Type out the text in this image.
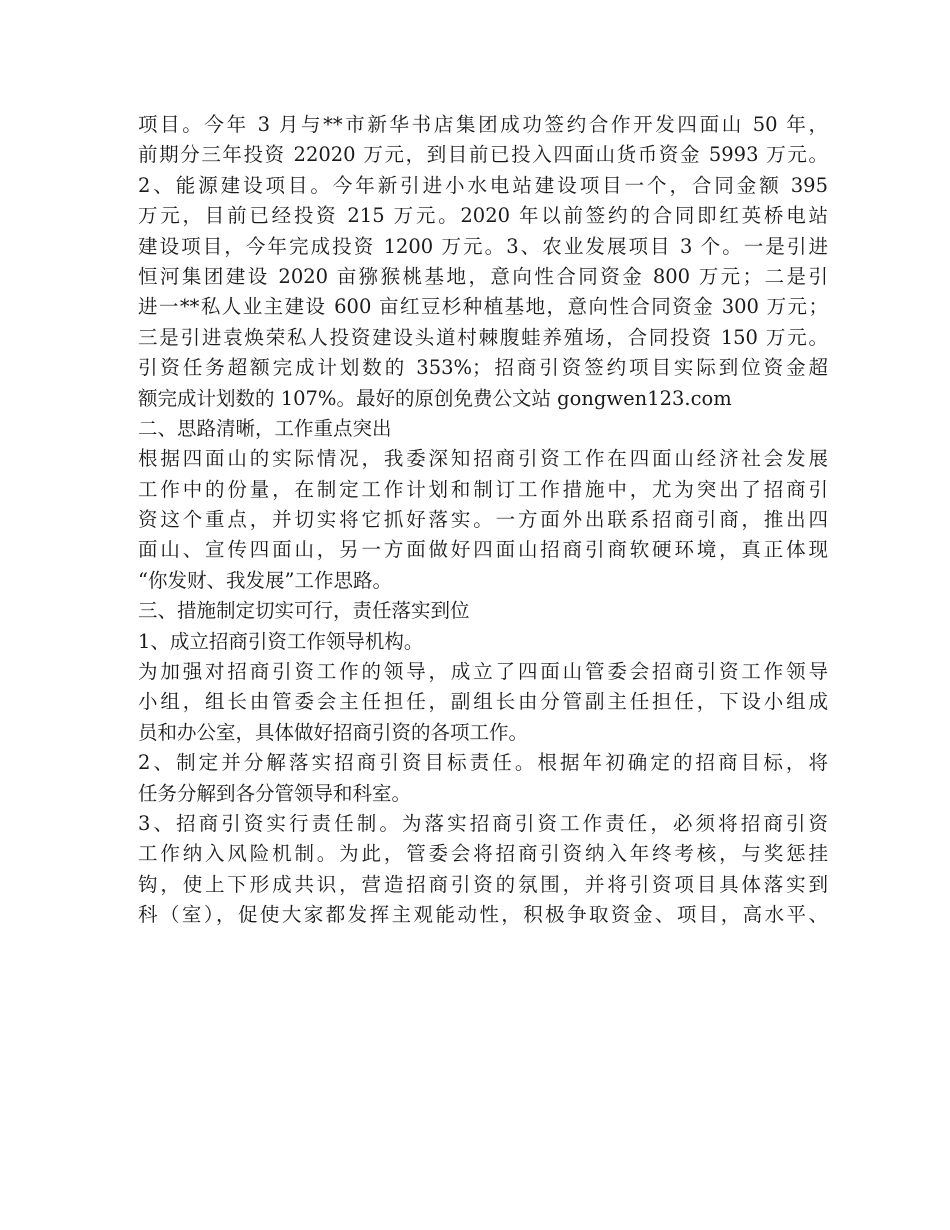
项目。今年 3 月与**市新华书店集团成功签约合作开发四面山 50 年，
前期分三年投资 22020 万元，到目前已投入四面山货币资金 5993 万元。
2、能源建设项目。今年新引进小水电站建设项目一个，合同金额 395
万元，目前已经投资 215 万元。2020 年以前签约的合同即红英桥电站
建设项目，今年完成投资 1200 万元。3、农业发展项目 3 个。一是引进
恒河集团建设 2020 亩猕猴桃基地，意向性合同资金 800 万元；二是引
进一**私人业主建设 600 亩红豆杉种植基地，意向性合同资金 300 万元；
三是引进袁焕荣私人投资建设头道村棘腹蛙养殖场，合同投资 150 万元。
引资任务超额完成计划数的 353%；招商引资签约项目实际到位资金超
额完成计划数的 107%。最好的原创免费公文站 gongwen123.com
二、思路清晰，工作重点突出
根据四面山的实际情况，我委深知招商引资工作在四面山经济社会发展
工作中的份量，在制定工作计划和制订工作措施中，尤为突出了招商引
资这个重点，并切实将它抓好落实。一方面外出联系招商引商，推出四
面山、宣传四面山，另一方面做好四面山招商引商软硬环境，真正体现
“你发财、我发展”工作思路。
三、措施制定切实可行，责任落实到位
1、成立招商引资工作领导机构。
为加强对招商引资工作的领导，成立了四面山管委会招商引资工作领导
小组，组长由管委会主任担任，副组长由分管副主任担任，下设小组成
员和办公室，具体做好招商引资的各项工作。
2、制定并分解落实招商引资目标责任。根据年初确定的招商目标，将
任务分解到各分管领导和科室。
3、招商引资实行责任制。为落实招商引资工作责任，必须将招商引资
工作纳入风险机制。为此，管委会将招商引资纳入年终考核，与奖惩挂
钩，使上下形成共识，营造招商引资的氛围，并将引资项目具体落实到
科（室），促使大家都发挥主观能动性，积极争取资金、项目，高水平、
